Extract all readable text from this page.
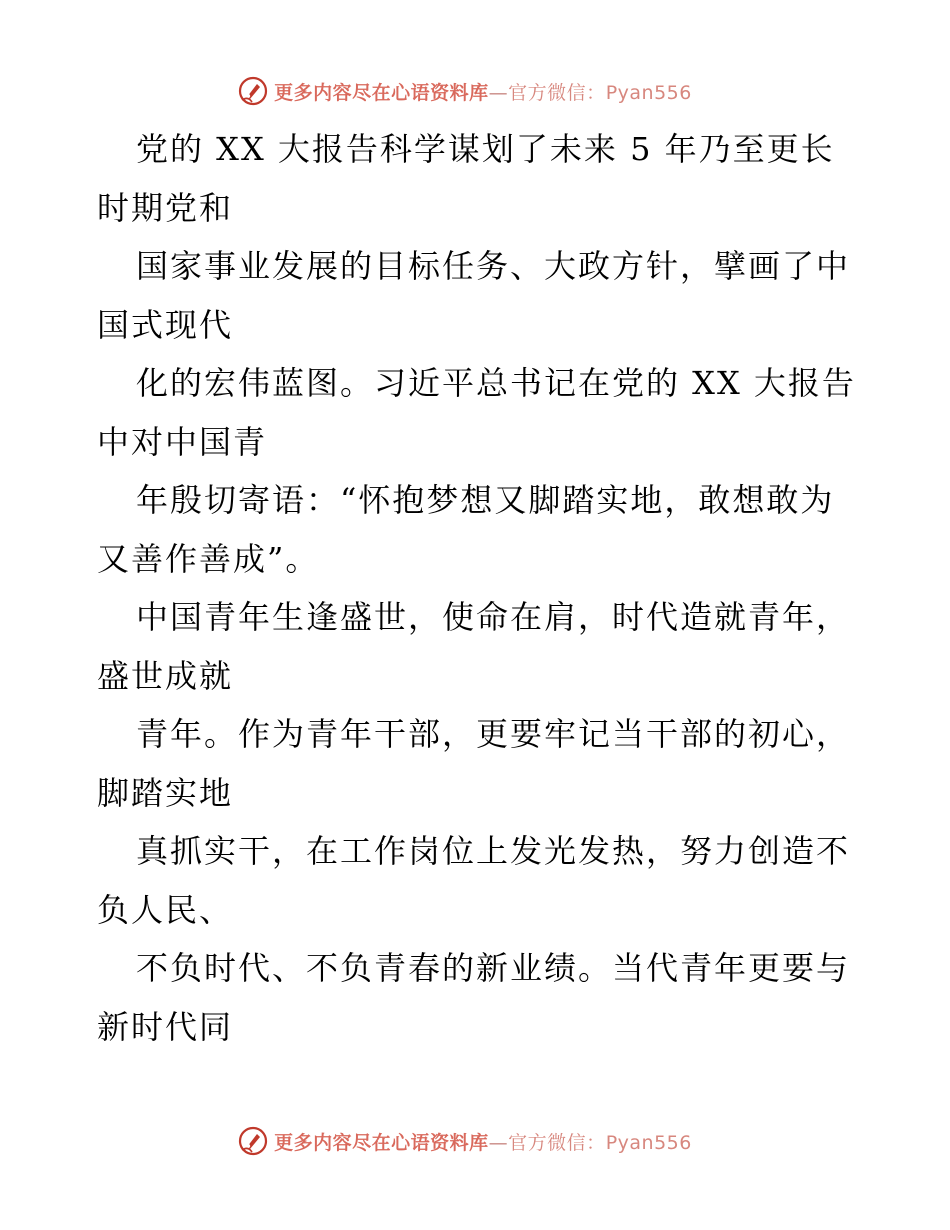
更多内容尽在心语资料库—官方微信：Pyan556
党的 XX 大报告科学谋划了未来 5 年乃至更长
时期党和
国家事业发展的目标任务、大政方针，擘画了中
国式现代
化的宏伟蓝图。习近平总书记在党的 XX 大报告
中对中国青
年殷切寄语：“怀抱梦想又脚踏实地，敢想敢为
又善作善成”。
中国青年生逢盛世，使命在肩，时代造就青年，
盛世成就
青年。作为青年干部，更要牢记当干部的初心，
脚踏实地
真抓实干，在工作岗位上发光发热，努力创造不
负人民、
不负时代、不负青春的新业绩。当代青年更要与
新时代同
更多内容尽在心语资料库—官方微信：Pyan556
